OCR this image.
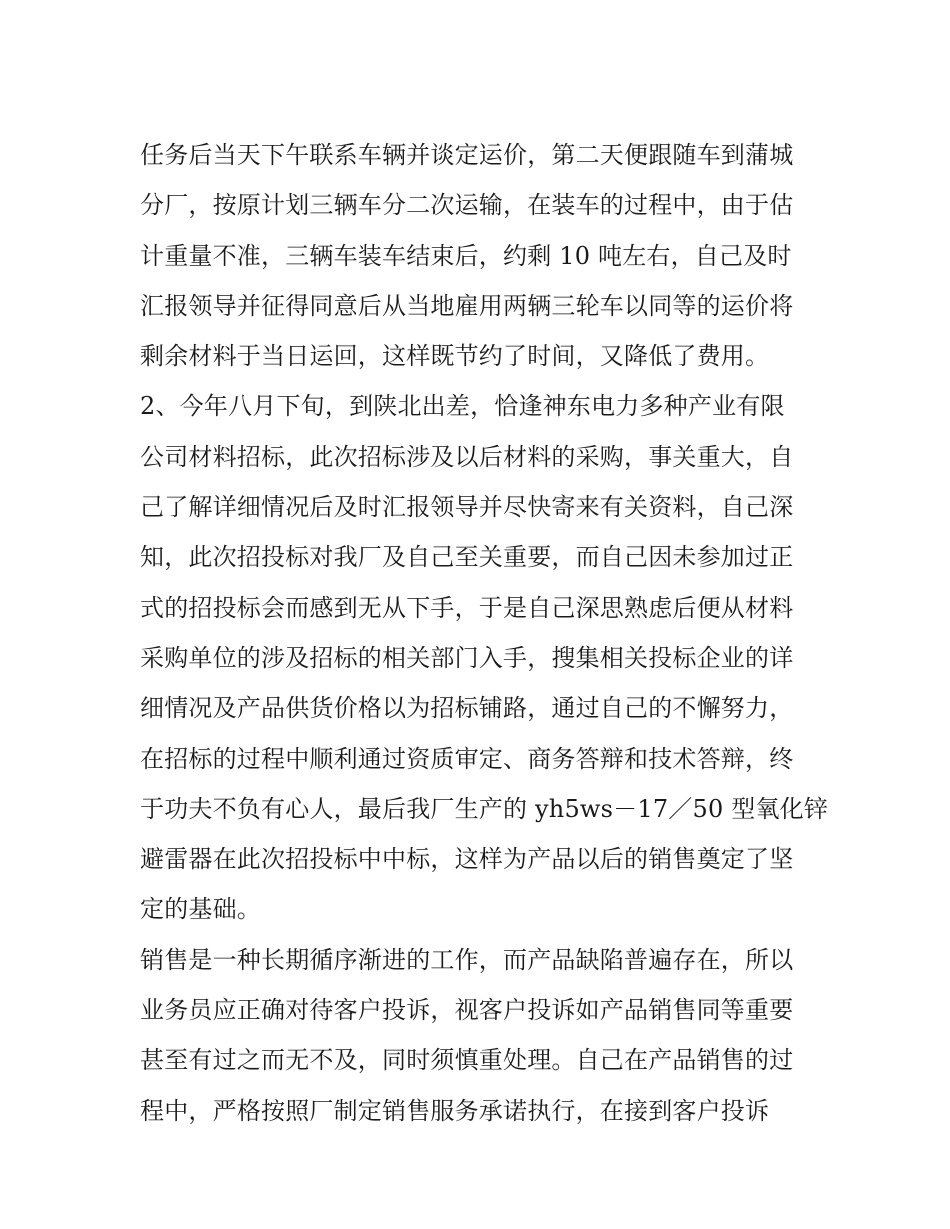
任务后当天下午联系车辆并谈定运价，第二天便跟随车到蒲城
分厂，按原计划三辆车分二次运输，在装车的过程中，由于估
计重量不准，三辆车装车结束后，约剩 10 吨左右，自己及时
汇报领导并征得同意后从当地雇用两辆三轮车以同等的运价将
剩余材料于当日运回，这样既节约了时间，又降低了费用。
2、今年八月下旬，到陕北出差，恰逢神东电力多种产业有限
公司材料招标，此次招标涉及以后材料的采购，事关重大，自
己了解详细情况后及时汇报领导并尽快寄来有关资料，自己深
知，此次招投标对我厂及自己至关重要，而自己因未参加过正
式的招投标会而感到无从下手，于是自己深思熟虑后便从材料
采购单位的涉及招标的相关部门入手，搜集相关投标企业的详
细情况及产品供货价格以为招标铺路，通过自己的不懈努力，
在招标的过程中顺利通过资质审定、商务答辩和技术答辩，终
于功夫不负有心人，最后我厂生产的 yh5ws－17／50 型氧化锌
避雷器在此次招投标中中标，这样为产品以后的销售奠定了坚
定的基础。
销售是一种长期循序渐进的工作，而产品缺陷普遍存在，所以
业务员应正确对待客户投诉，视客户投诉如产品销售同等重要
甚至有过之而无不及，同时须慎重处理。自己在产品销售的过
程中，严格按照厂制定销售服务承诺执行，在接到客户投诉
